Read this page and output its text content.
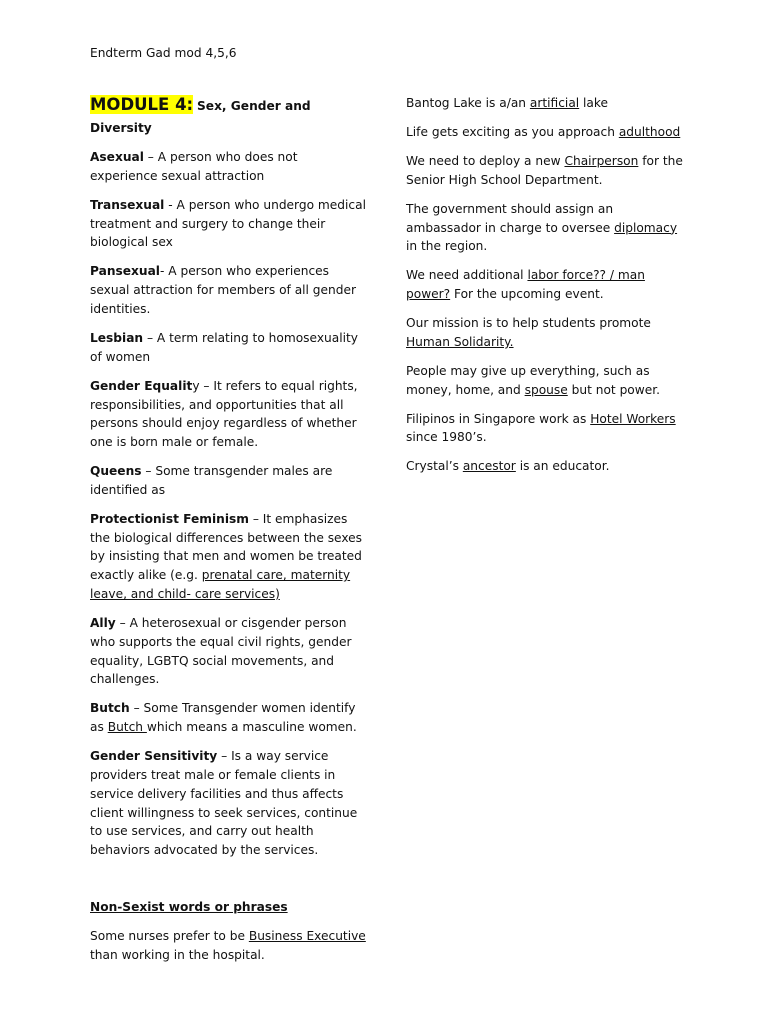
Endterm Gad mod 4,5,6

MODULE 4: Sex, Gender and Diversity

Asexual – A person who does not experience sexual attraction

Transexual - A person who undergo medical treatment and surgery to change their biological sex

Pansexual- A person who experiences sexual attraction for members of all gender identities.

Lesbian – A term relating to homosexuality of women

Gender Equality – It refers to equal rights, responsibilities, and opportunities that all persons should enjoy regardless of whether one is born male or female.

Queens – Some transgender males are identified as

Protectionist Feminism – It emphasizes the biological differences between the sexes by insisting that men and women be treated exactly alike (e.g. prenatal care, maternity leave, and child- care services)

Ally – A heterosexual or cisgender person who supports the equal civil rights, gender equality, LGBTQ social movements, and challenges.

Butch – Some Transgender women identify as Butch which means a masculine women.

Gender Sensitivity – Is a way service providers treat male or female clients in service delivery facilities and thus affects client willingness to seek services, continue to use services, and carry out health behaviors advocated by the services.

Non-Sexist words or phrases

Some nurses prefer to be Business Executive than working in the hospital.

Bantog Lake is a/an artificial lake

Life gets exciting as you approach adulthood

We need to deploy a new Chairperson for the Senior High School Department.

The government should assign an ambassador in charge to oversee diplomacy in the region.

We need additional labor force?? / man power? For the upcoming event.

Our mission is to help students promote Human Solidarity.

People may give up everything, such as money, home, and spouse but not power.

Filipinos in Singapore work as Hotel Workers since 1980’s.

Crystal’s ancestor is an educator.
